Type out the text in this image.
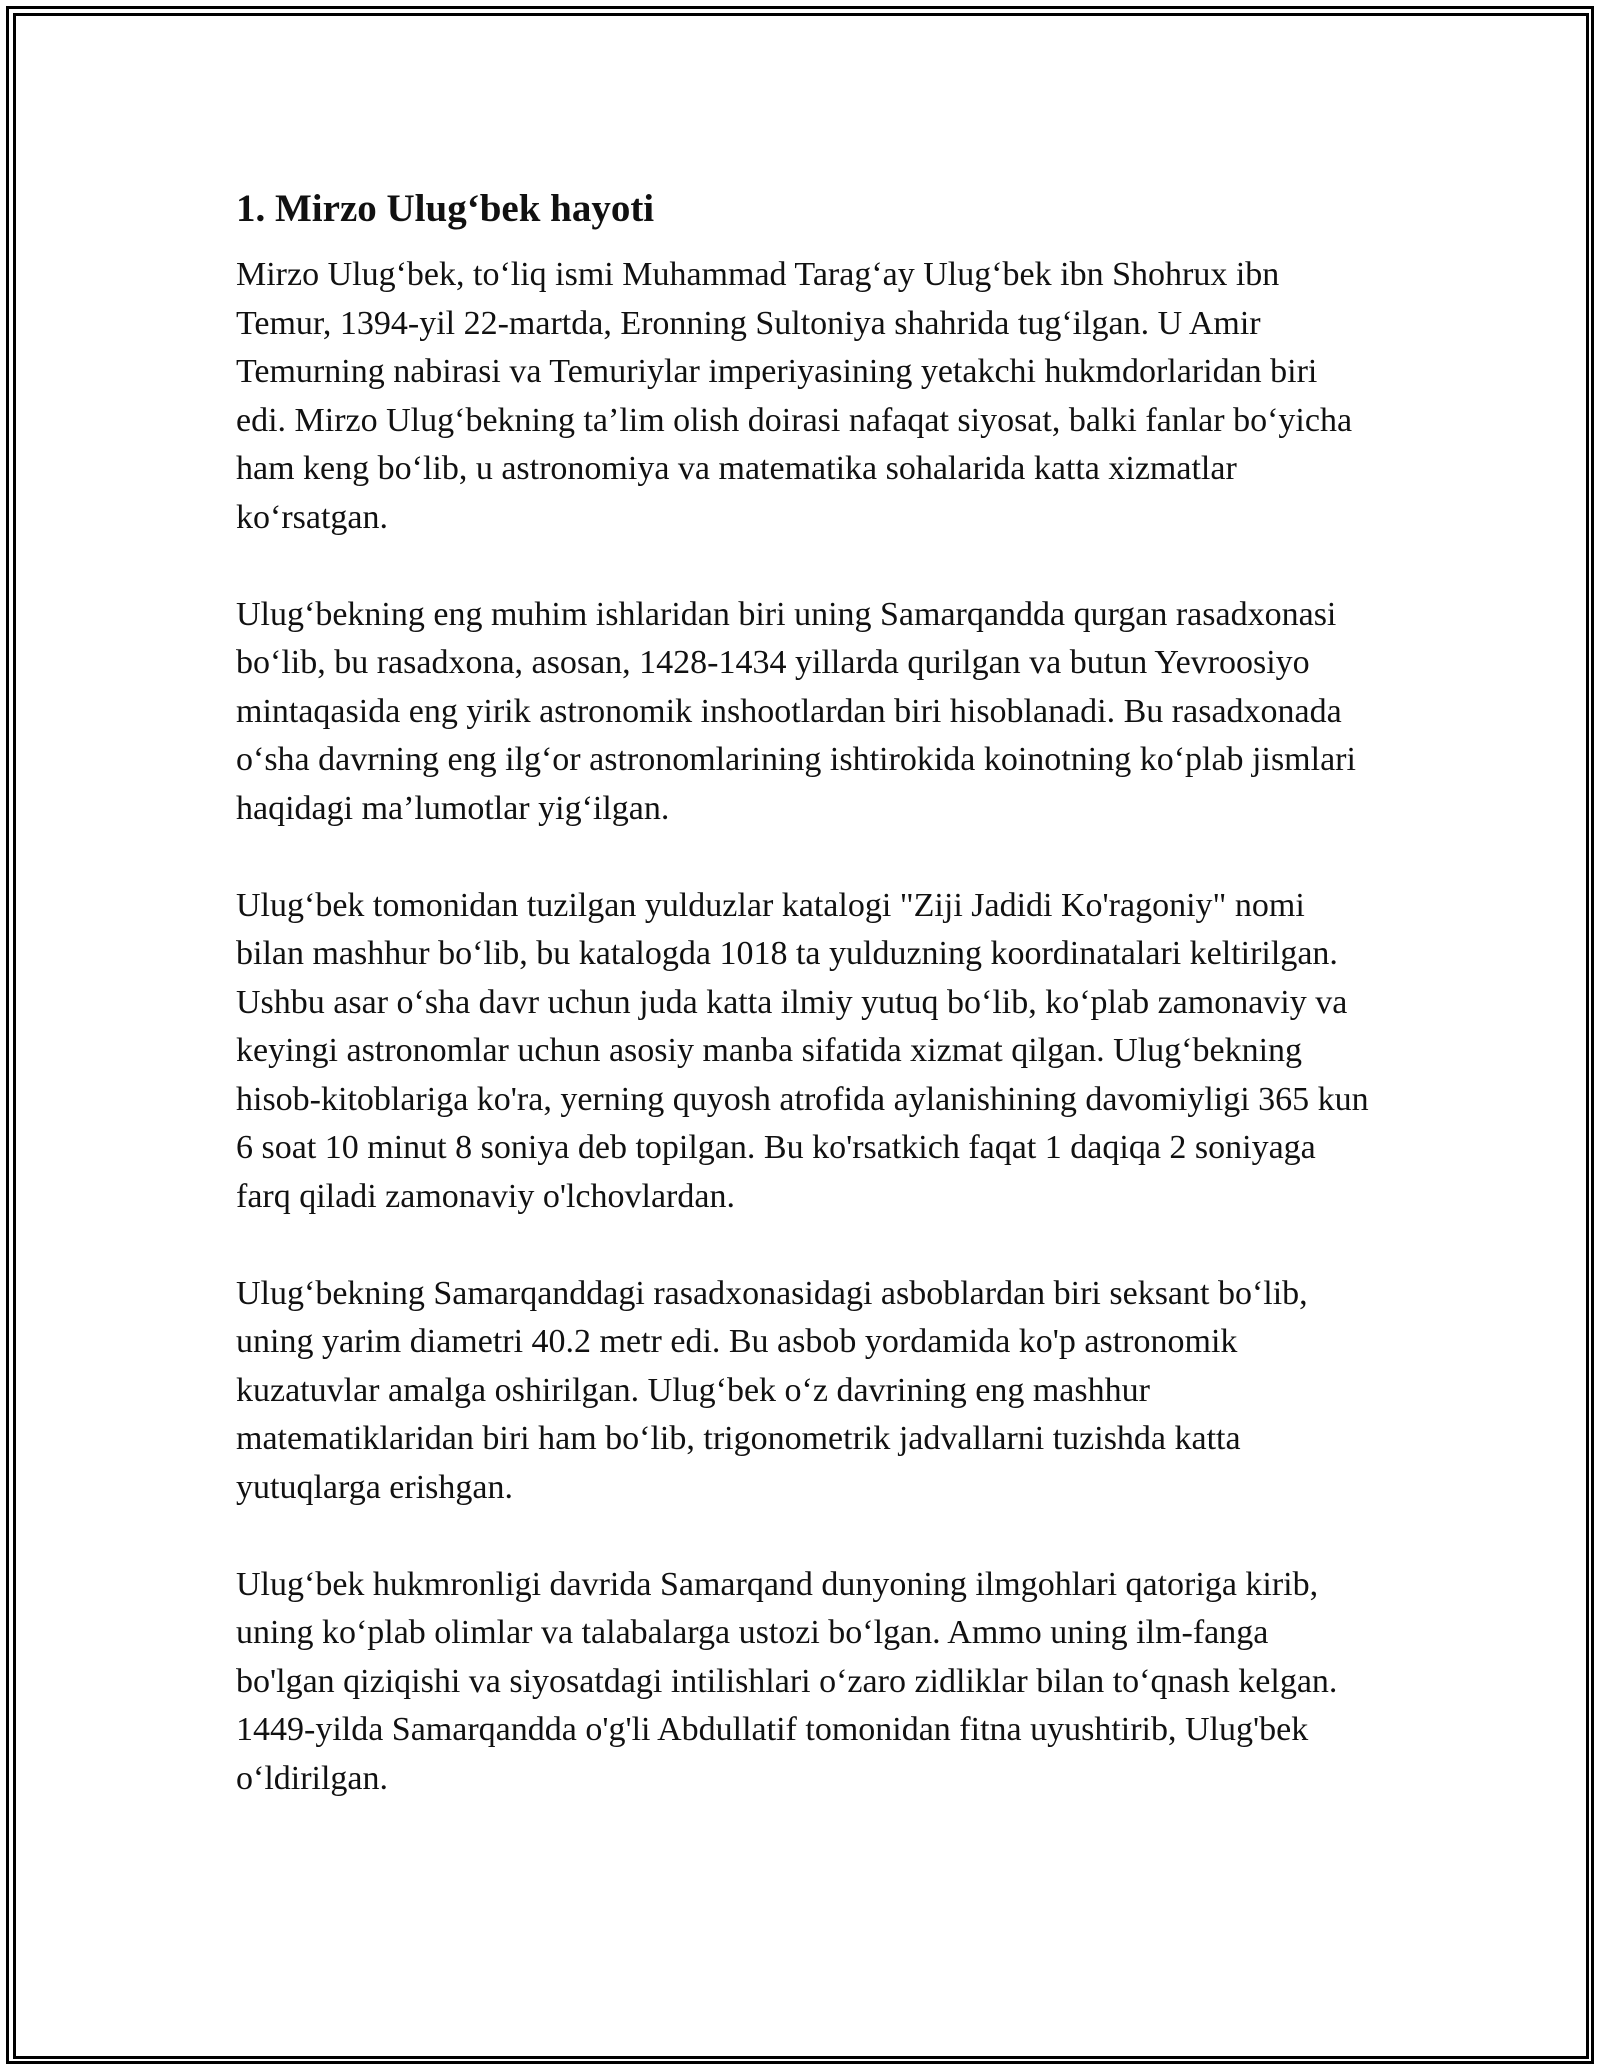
1. Mirzo Ulug‘bek hayoti

Mirzo Ulug‘bek, to‘liq ismi Muhammad Tarag‘ay Ulug‘bek ibn Shohrux ibn Temur, 1394-yil 22-martda, Eronning Sultoniya shahrida tug‘ilgan. U Amir Temurning nabirasi va Temuriylar imperiyasining yetakchi hukmdorlaridan biri edi. Mirzo Ulug‘bekning ta’lim olish doirasi nafaqat siyosat, balki fanlar bo‘yicha ham keng bo‘lib, u astronomiya va matematika sohalarida katta xizmatlar ko‘rsatgan.

Ulug‘bekning eng muhim ishlaridan biri uning Samarqandda qurgan rasadxonasi bo‘lib, bu rasadxona, asosan, 1428-1434 yillarda qurilgan va butun Yevroosiyo mintaqasida eng yirik astronomik inshootlardan biri hisoblanadi. Bu rasadxonada o‘sha davrning eng ilg‘or astronomlarining ishtirokida koinotning ko‘plab jismlari haqidagi ma’lumotlar yig‘ilgan.

Ulug‘bek tomonidan tuzilgan yulduzlar katalogi "Ziji Jadidi Ko'ragoniy" nomi bilan mashhur bo‘lib, bu katalogda 1018 ta yulduzning koordinatalari keltirilgan. Ushbu asar o‘sha davr uchun juda katta ilmiy yutuq bo‘lib, ko‘plab zamonaviy va keyingi astronomlar uchun asosiy manba sifatida xizmat qilgan. Ulug‘bekning hisob-kitoblariga ko'ra, yerning quyosh atrofida aylanishining davomiyligi 365 kun 6 soat 10 minut 8 soniya deb topilgan. Bu ko'rsatkich faqat 1 daqiqa 2 soniyaga farq qiladi zamonaviy o'lchovlardan.

Ulug‘bekning Samarqanddagi rasadxonasidagi asboblardan biri seksant bo‘lib, uning yarim diametri 40.2 metr edi. Bu asbob yordamida ko'p astronomik kuzatuvlar amalga oshirilgan. Ulug‘bek o‘z davrining eng mashhur matematiklaridan biri ham bo‘lib, trigonometrik jadvallarni tuzishda katta yutuqlarga erishgan.

Ulug‘bek hukmronligi davrida Samarqand dunyoning ilmgohlari qatoriga kirib, uning ko‘plab olimlar va talabalarga ustozi bo‘lgan. Ammo uning ilm-fanga bo'lgan qiziqishi va siyosatdagi intilishlari o‘zaro zidliklar bilan to‘qnash kelgan. 1449-yilda Samarqandda o'g'li Abdullatif tomonidan fitna uyushtirib, Ulug'bek o‘ldirilgan.
